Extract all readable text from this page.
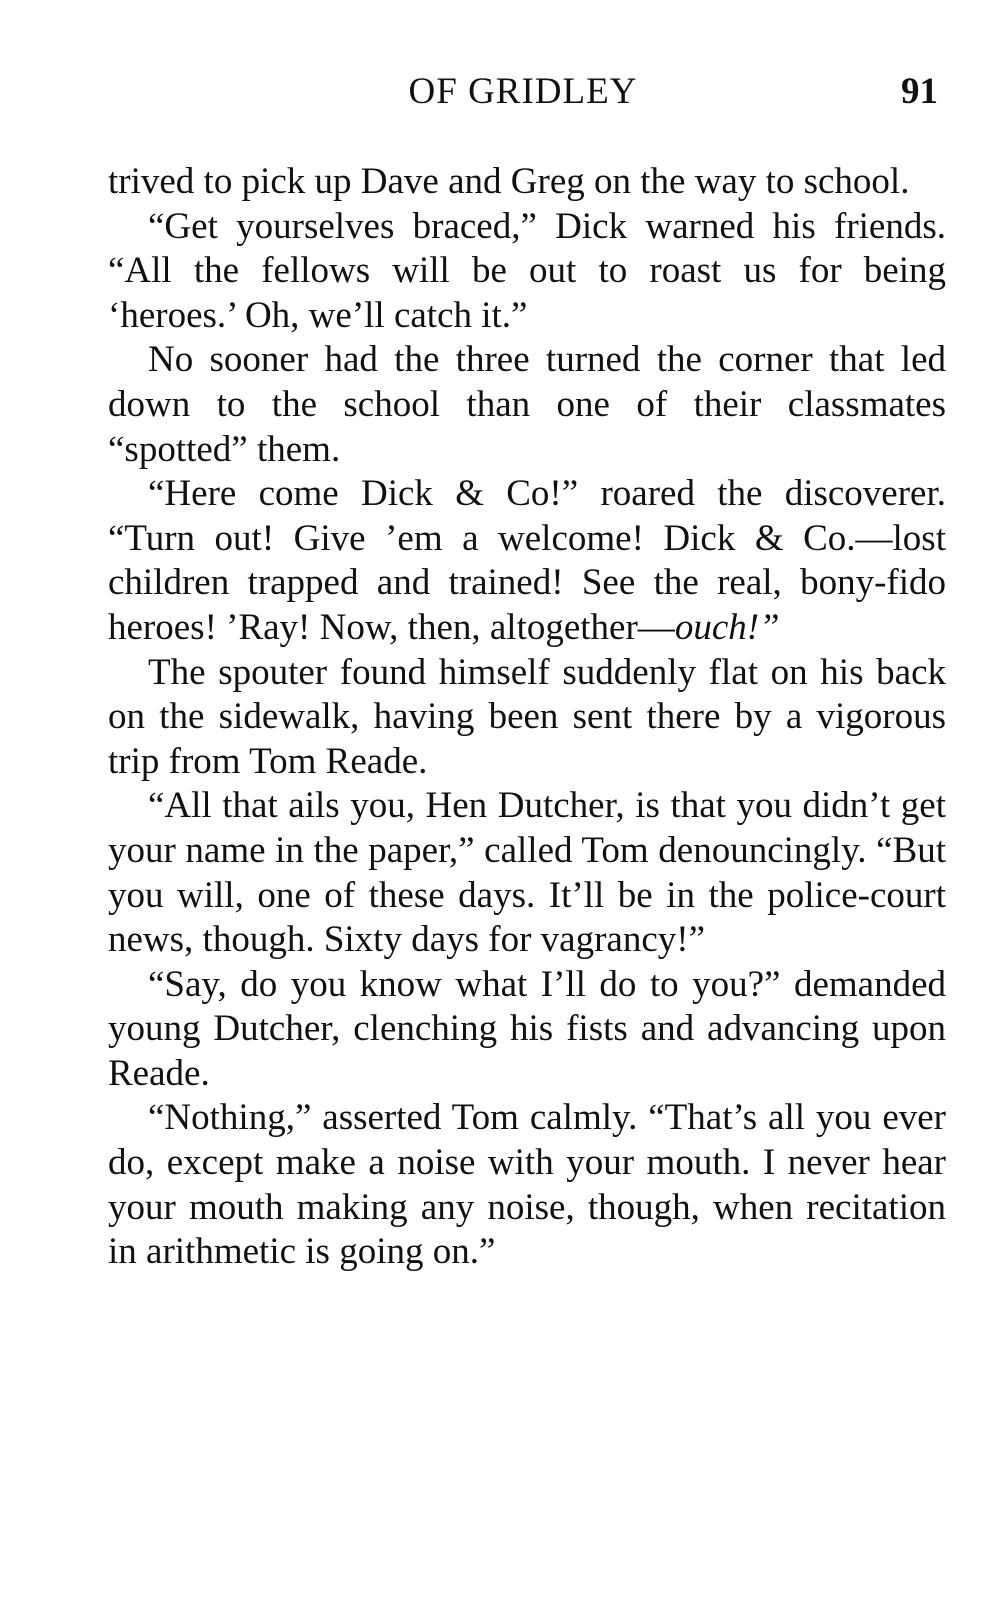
OF GRIDLEY	91

trived to pick up Dave and Greg on the way to school.

“Get yourselves braced,” Dick warned his friends. “All the fellows will be out to roast us for being ‘heroes.’ Oh, we’ll catch it.”

No sooner had the three turned the corner that led down to the school than one of their classmates “spotted” them.

“Here come Dick & Co!” roared the discoverer. “Turn out! Give ’em a welcome! Dick & Co.—lost children trapped and trained! See the real, bony-fido heroes! ’Ray! Now, then, altogether—ouch!”

The spouter found himself suddenly flat on his back on the sidewalk, having been sent there by a vigorous trip from Tom Reade.

“All that ails you, Hen Dutcher, is that you didn’t get your name in the paper,” called Tom denouncingly. “But you will, one of these days. It’ll be in the police-court news, though. Sixty days for vagrancy!”

“Say, do you know what I’ll do to you?” demanded young Dutcher, clenching his fists and advancing upon Reade.

“Nothing,” asserted Tom calmly. “That’s all you ever do, except make a noise with your mouth. I never hear your mouth making any noise, though, when recitation in arithmetic is going on.”
